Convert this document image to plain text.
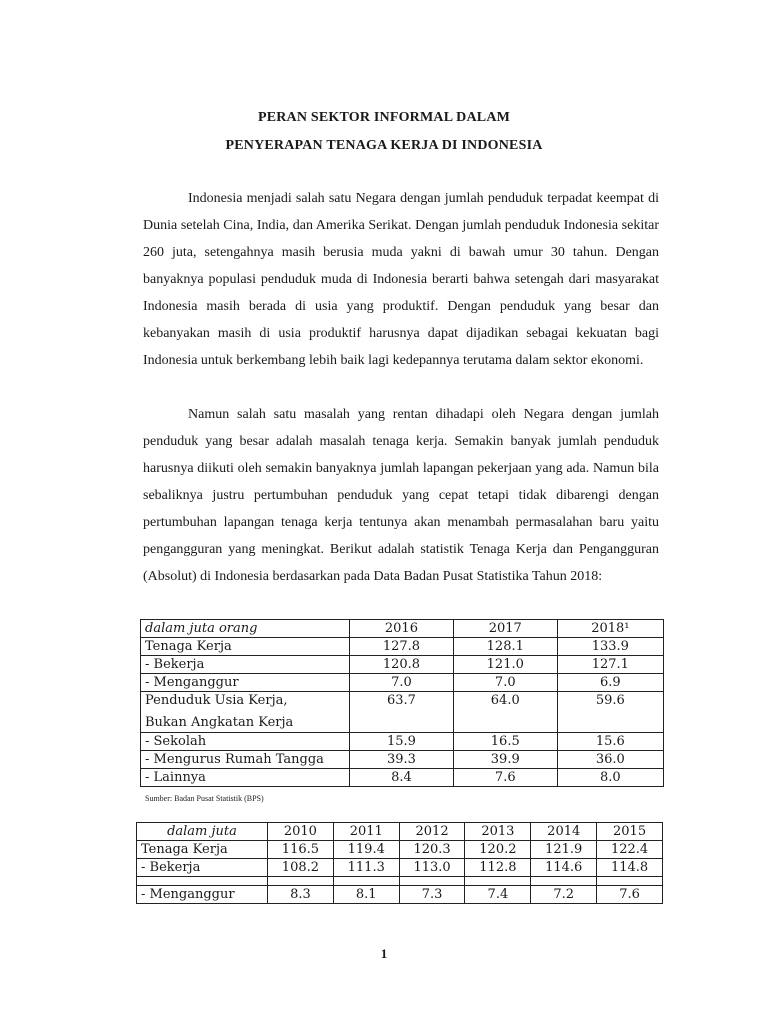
PERAN SEKTOR INFORMAL DALAM
PENYERAPAN TENAGA KERJA DI INDONESIA

Indonesia menjadi salah satu Negara dengan jumlah penduduk terpadat keempat di Dunia setelah Cina, India, dan Amerika Serikat. Dengan jumlah penduduk Indonesia sekitar 260 juta, setengahnya masih berusia muda yakni di bawah umur 30 tahun. Dengan banyaknya populasi penduduk muda di Indonesia berarti bahwa setengah dari masyarakat Indonesia masih berada di usia yang produktif. Dengan penduduk yang besar dan kebanyakan masih di usia produktif harusnya dapat dijadikan sebagai kekuatan bagi Indonesia untuk berkembang lebih baik lagi kedepannya terutama dalam sektor ekonomi.

Namun salah satu masalah yang rentan dihadapi oleh Negara dengan jumlah penduduk yang besar adalah masalah tenaga kerja. Semakin banyak jumlah penduduk harusnya diikuti oleh semakin banyaknya jumlah lapangan pekerjaan yang ada. Namun bila sebaliknya justru pertumbuhan penduduk yang cepat tetapi tidak dibarengi dengan pertumbuhan lapangan tenaga kerja tentunya akan menambah permasalahan baru yaitu pengangguran yang meningkat. Berikut adalah statistik Tenaga Kerja dan Pengangguran (Absolut) di Indonesia berdasarkan pada Data Badan Pusat Statistika Tahun 2018:

dalam juta orang	2016	2017	2018¹
Tenaga Kerja	127.8	128.1	133.9
- Bekerja	120.8	121.0	127.1
- Menganggur	7.0	7.0	6.9
Penduduk Usia Kerja,
Bukan Angkatan Kerja	63.7	64.0	59.6
- Sekolah	15.9	16.5	15.6
- Mengurus Rumah Tangga	39.3	39.9	36.0
- Lainnya	8.4	7.6	8.0
Sumber: Badan Pusat Statistik (BPS)
dalam juta	2010	2011	2012	2013	2014	2015
Tenaga Kerja	116.5	119.4	120.3	120.2	121.9	122.4
- Bekerja	108.2	111.3	113.0	112.8	114.6	114.8

- Menganggur	8.3	8.1	7.3	7.4	7.2	7.6
1
